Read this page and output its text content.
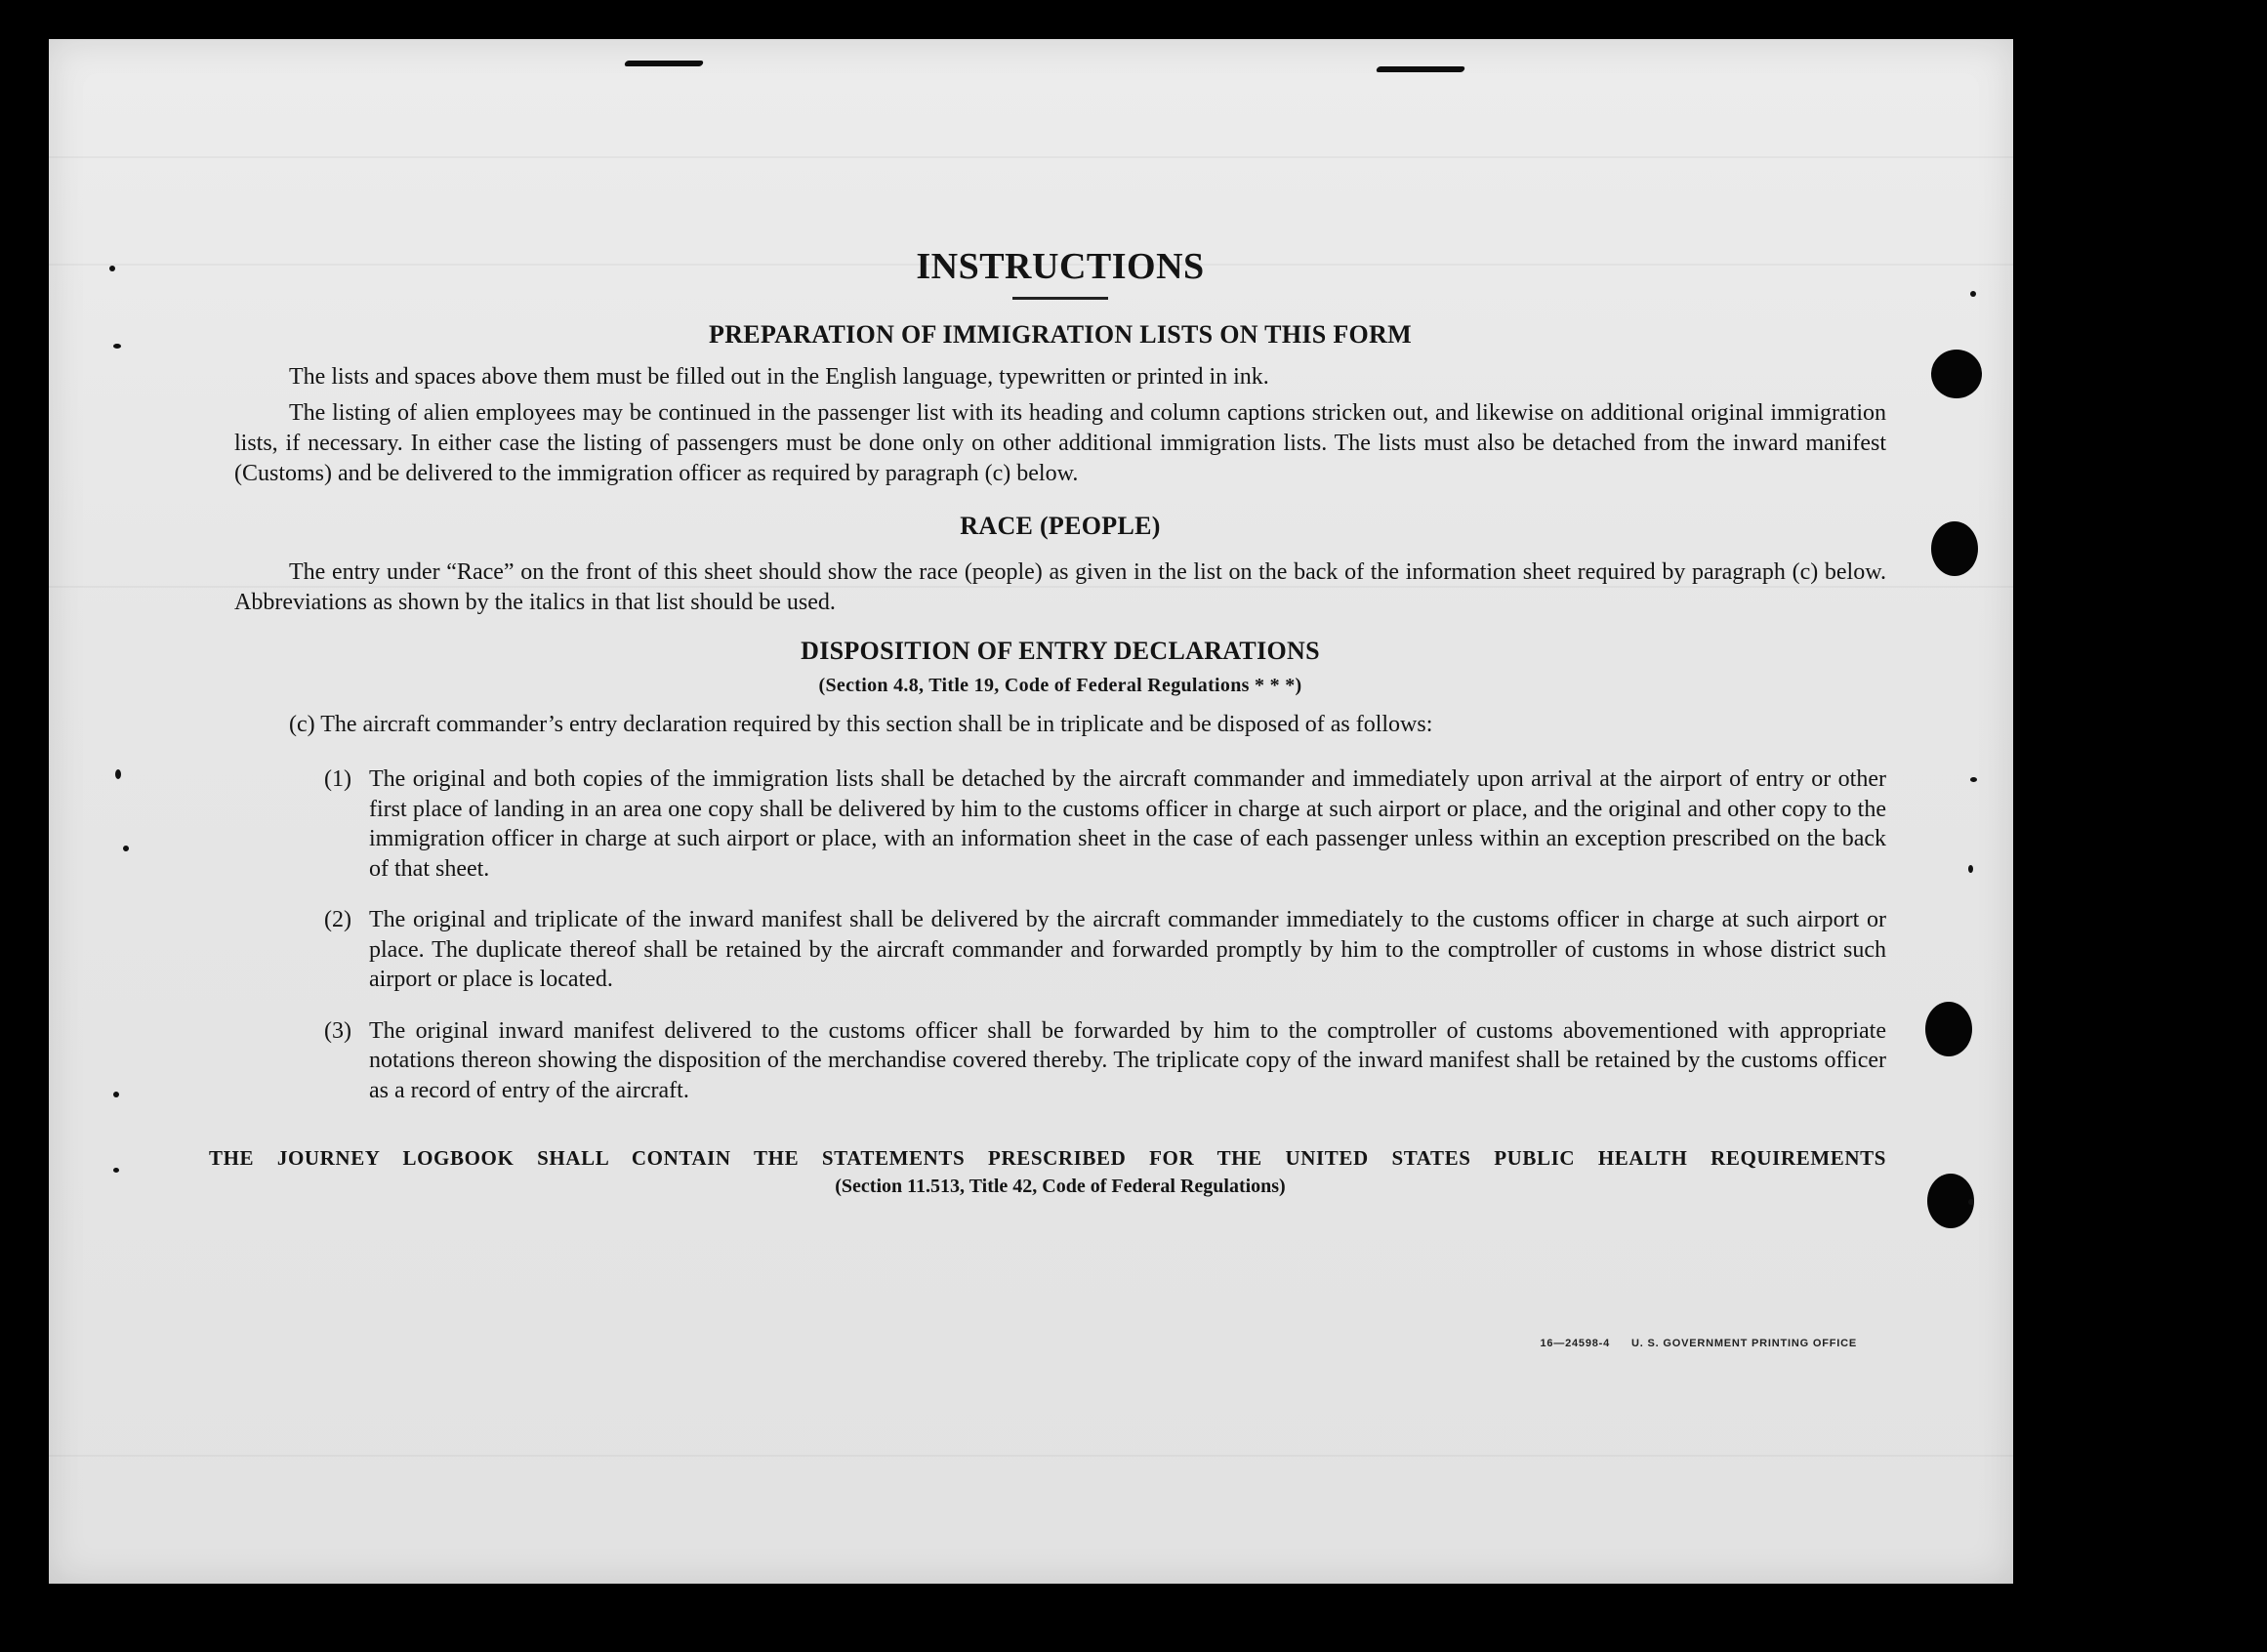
INSTRUCTIONS
PREPARATION OF IMMIGRATION LISTS ON THIS FORM

The lists and spaces above them must be filled out in the English language, typewritten or printed in ink.

The listing of alien employees may be continued in the passenger list with its heading and column captions stricken out, and likewise on additional original immigration lists, if necessary. In either case the listing of passengers must be done only on other additional immigration lists. The lists must also be detached from the inward manifest (Customs) and be delivered to the immigration officer as required by paragraph (c) below.

RACE (PEOPLE)

The entry under “Race” on the front of this sheet should show the race (people) as given in the list on the back of the information sheet required by paragraph (c) below. Abbreviations as shown by the italics in that list should be used.

DISPOSITION OF ENTRY DECLARATIONS

(Section 4.8, Title 19, Code of Federal Regulations * * *)

(c) The aircraft commander’s entry declaration required by this section shall be in triplicate and be disposed of as follows:

(1) The original and both copies of the immigration lists shall be detached by the aircraft commander and immediately upon arrival at the airport of entry or other first place of landing in an area one copy shall be delivered by him to the customs officer in charge at such airport or place, and the original and other copy to the immigration officer in charge at such airport or place, with an information sheet in the case of each passenger unless within an exception prescribed on the back of that sheet.
(2) The original and triplicate of the inward manifest shall be delivered by the aircraft commander immediately to the customs officer in charge at such airport or place. The duplicate thereof shall be retained by the aircraft commander and forwarded promptly by him to the comptroller of customs in whose district such airport or place is located.
(3) The original inward manifest delivered to the customs officer shall be forwarded by him to the comptroller of customs abovementioned with appropriate notations thereon showing the disposition of the merchandise covered thereby. The triplicate copy of the inward manifest shall be retained by the customs officer as a record of entry of the aircraft.

THE JOURNEY LOGBOOK SHALL CONTAIN THE STATEMENTS PRESCRIBED FOR THE UNITED STATES PUBLIC HEALTH REQUIREMENTS

(Section 11.513, Title 42, Code of Federal Regulations)

16—24598-4 U. S. GOVERNMENT PRINTING OFFICE
